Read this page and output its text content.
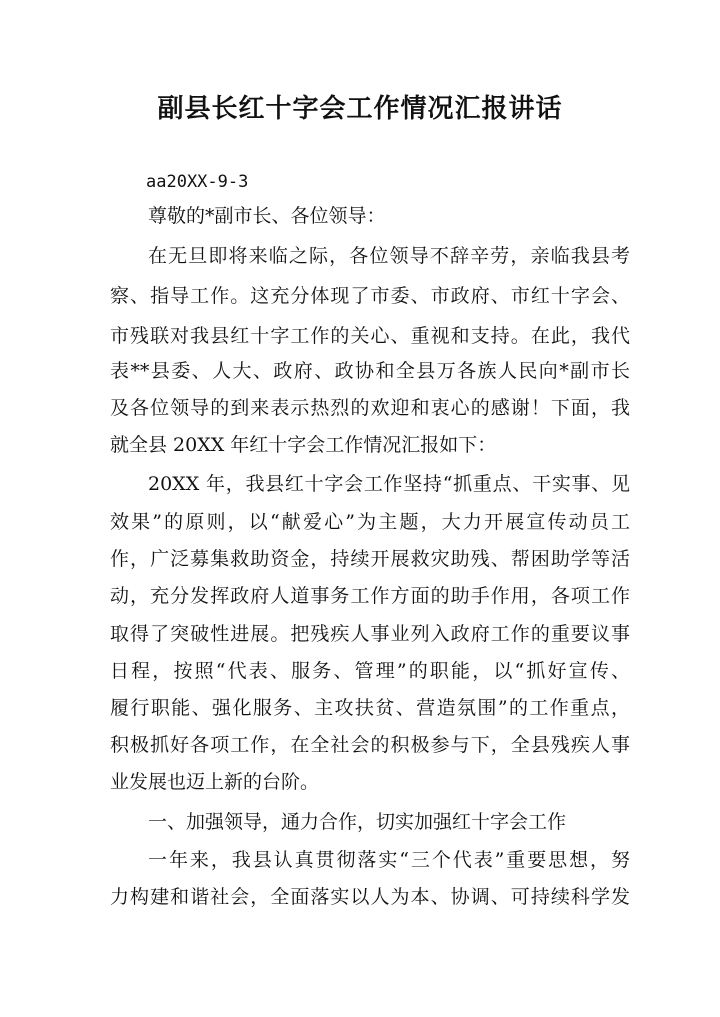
副县长红十字会工作情况汇报讲话

aa20XX-9-3

尊敬的*副市长、各位领导：

在无旦即将来临之际，各位领导不辞辛劳，亲临我县考

察、指导工作。这充分体现了市委、市政府、市红十字会、

市残联对我县红十字工作的关心、重视和支持。在此，我代

表**县委、人大、政府、政协和全县万各族人民向*副市长

及各位领导的到来表示热烈的欢迎和衷心的感谢！下面，我

就全县 20XX 年红十字会工作情况汇报如下：

20XX 年，我县红十字会工作坚持“抓重点、干实事、见

效果”的原则，以“献爱心”为主题，大力开展宣传动员工

作，广泛募集救助资金，持续开展救灾助残、帮困助学等活

动，充分发挥政府人道事务工作方面的助手作用，各项工作

取得了突破性进展。把残疾人事业列入政府工作的重要议事

日程，按照“代表、服务、管理”的职能，以“抓好宣传、

履行职能、强化服务、主攻扶贫、营造氛围”的工作重点，

积极抓好各项工作，在全社会的积极参与下，全县残疾人事

业发展也迈上新的台阶。

一、加强领导，通力合作，切实加强红十字会工作

一年来，我县认真贯彻落实“三个代表”重要思想，努

力构建和谐社会，全面落实以人为本、协调、可持续科学发
